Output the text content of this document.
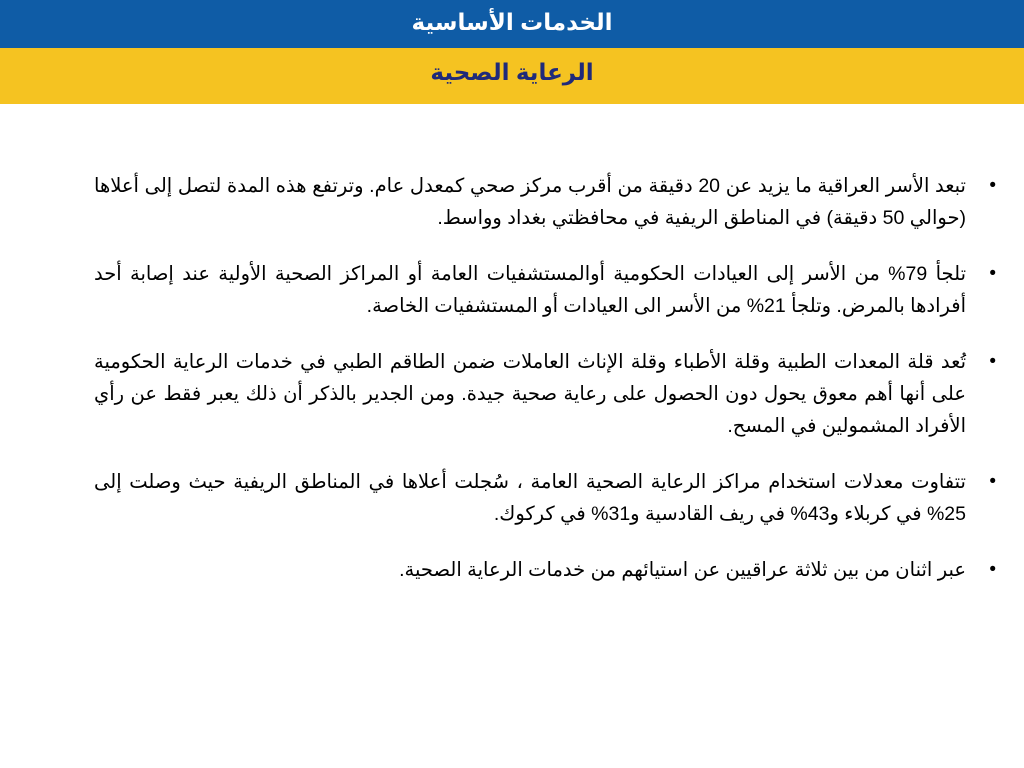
الخدمات الأساسية
الرعاية الصحية
•
تبعد الأسر العراقية ما يزيد عن 20 دقيقة من أقرب مركز صحي كمعدل عام. وترتفع هذه المدة لتصل إلى أعلاها (حوالي 50 دقيقة) في المناطق الريفية في محافظتي بغداد وواسط.
•
تلجأ 79% من الأسر إلى العيادات الحكومية أوالمستشفيات العامة أو المراكز الصحية الأولية عند إصابة أحد أفرادها بالمرض. وتلجأ 21% من الأسر الى العيادات أو المستشفيات الخاصة.
•
تُعد قلة المعدات الطبية وقلة الأطباء وقلة الإناث العاملات ضمن الطاقم الطبي في خدمات الرعاية الحكومية على أنها أهم معوق يحول دون الحصول على رعاية صحية جيدة. ومن الجدير بالذكر أن ذلك يعبر فقط عن رأي الأفراد المشمولين في المسح.
•
تتفاوت معدلات استخدام مراكز الرعاية الصحية العامة ، سُجلت أعلاها في المناطق الريفية حيث وصلت إلى 25% في كربلاء و43% في ريف القادسية و31% في كركوك.
•
عبر اثنان من بين ثلاثة عراقيين عن استيائهم من خدمات الرعاية الصحية.
